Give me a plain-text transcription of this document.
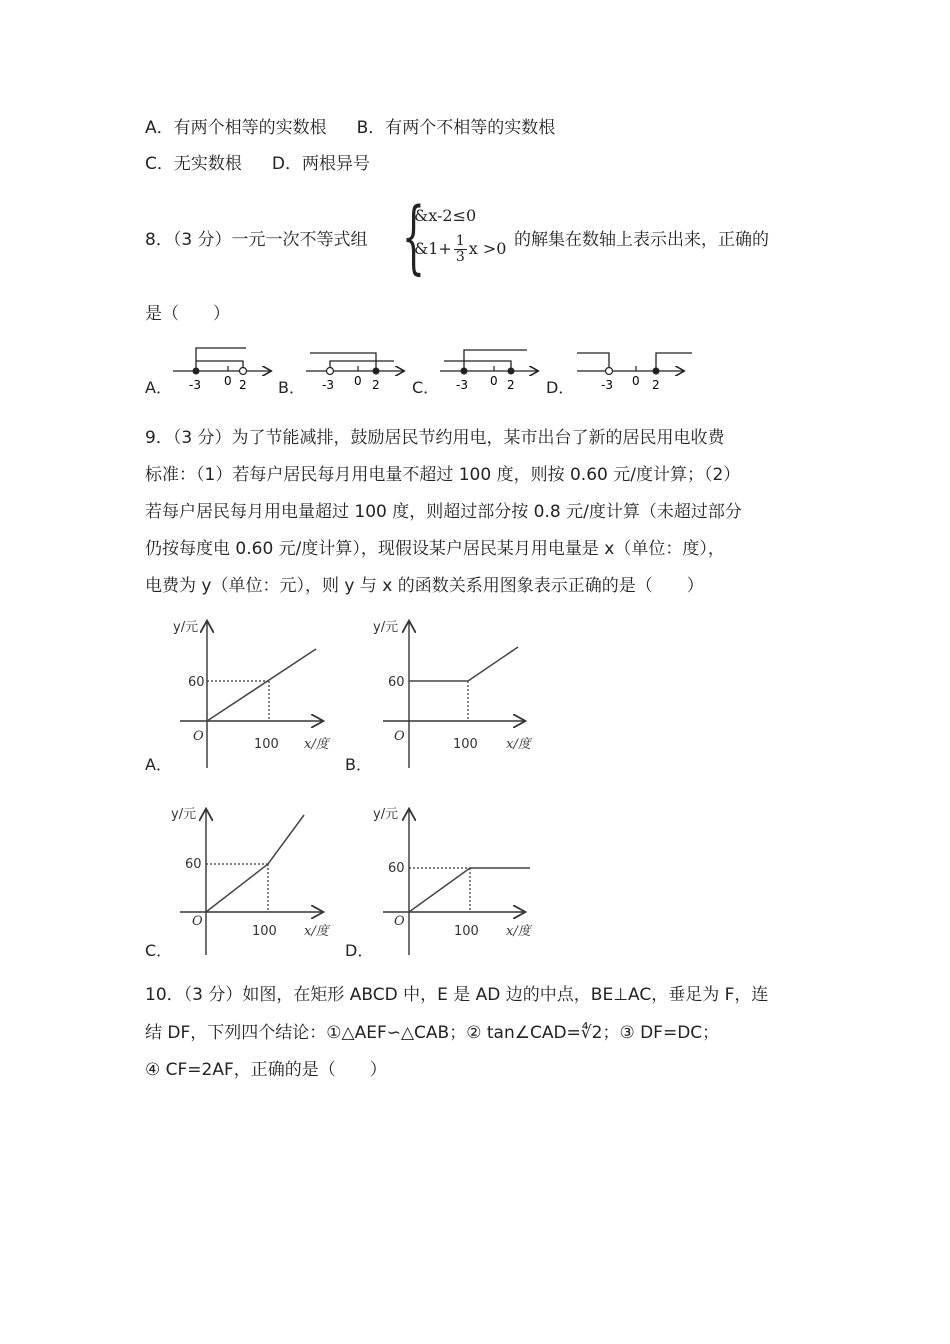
A．有两个相等的实数根 B．有两个不相等的实数根
C．无实数根 D．两根异号
8．（3 分）一元一次不等式组 {
&x-2≤0
&1+ $\frac{1}{3}$ x >0 的解集在数轴上表示出来，正确的
是（　　）
A． -3 0 2 B． -3 0 2 C． -3 0 2 D． -3 0 2
9．（3 分）为了节能减排，鼓励居民节约用电，某市出台了新的居民用电收费
标准：（1）若每户居民每月用电量不超过 100 度，则按 0.60 元/度计算；（2）
若每户居民每月用电量超过 100 度，则超过部分按 0.8 元/度计算（未超过部分
仍按每度电 0.60 元/度计算），现假设某户居民某月用电量是 x（单位：度），
电费为 y（单位：元），则 y 与 x 的函数关系用图象表示正确的是（　　）
y/元
60
O
100 x/度
A．
y/元
60
O
100 x/度
B．
y/元
60
O
100 x/度
C．
y/元
60
O
100 x/度
D．
10．（3 分）如图，在矩形 ABCD 中，E 是 AD 边的中点，BE⊥AC，垂足为 F，连
结 DF，下列四个结论：①△AEF∽△CAB；② tan∠CAD=∜2；③ DF=DC；
④ CF=2AF，正确的是（　　）
